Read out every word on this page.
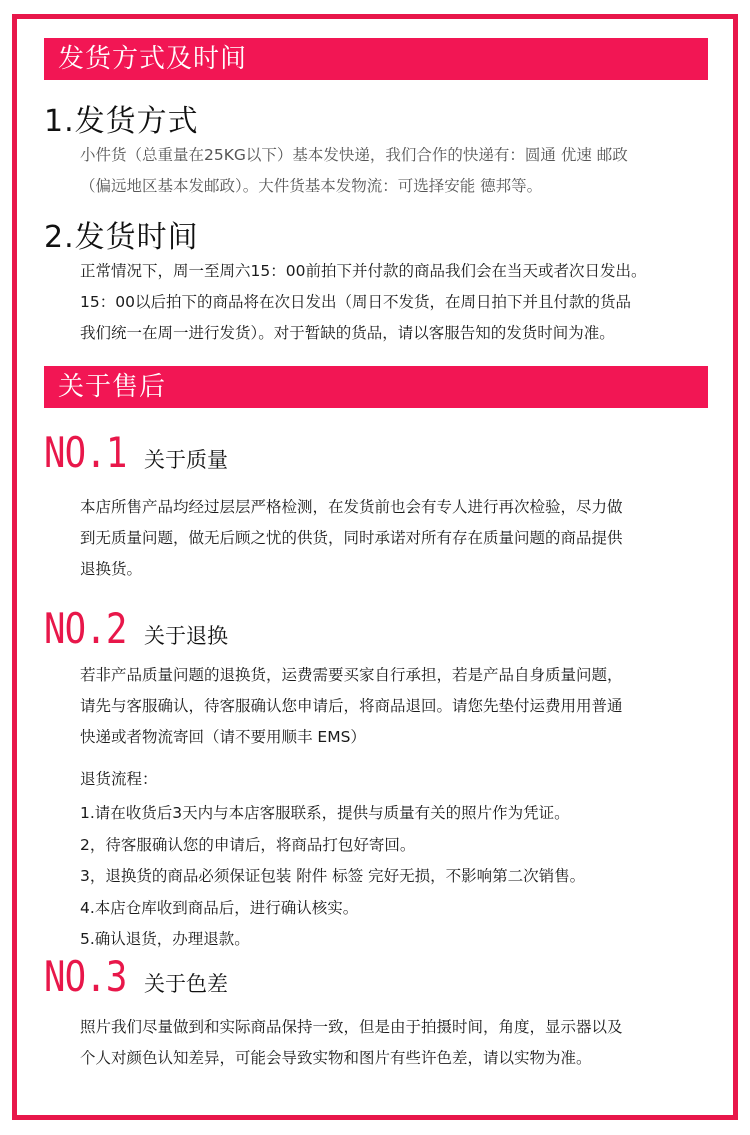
发货方式及时间
1.发货方式
小件货（总重量在25KG以下）基本发快递，我们合作的快递有：圆通 优速 邮政
（偏远地区基本发邮政）。大件货基本发物流：可选择安能 德邦等。
2.发货时间
正常情况下，周一至周六15：00前拍下并付款的商品我们会在当天或者次日发出。
15：00以后拍下的商品将在次日发出（周日不发货，在周日拍下并且付款的货品
我们统一在周一进行发货）。对于暂缺的货品，请以客服告知的发货时间为准。
关于售后
NO.1 关于质量
本店所售产品均经过层层严格检测，在发货前也会有专人进行再次检验，尽力做
到无质量问题，做无后顾之忧的供货，同时承诺对所有存在质量问题的商品提供
退换货。
NO.2 关于退换
若非产品质量问题的退换货，运费需要买家自行承担，若是产品自身质量问题，
请先与客服确认，待客服确认您申请后，将商品退回。请您先垫付运费用用普通
快递或者物流寄回（请不要用顺丰 EMS）
退货流程：
1.请在收货后3天内与本店客服联系，提供与质量有关的照片作为凭证。
2，待客服确认您的申请后，将商品打包好寄回。
3，退换货的商品必须保证包装 附件 标签 完好无损，不影响第二次销售。
4.本店仓库收到商品后，进行确认核实。
5.确认退货，办理退款。
NO.3 关于色差
照片我们尽量做到和实际商品保持一致，但是由于拍摄时间，角度，显示器以及
个人对颜色认知差异，可能会导致实物和图片有些许色差，请以实物为准。
